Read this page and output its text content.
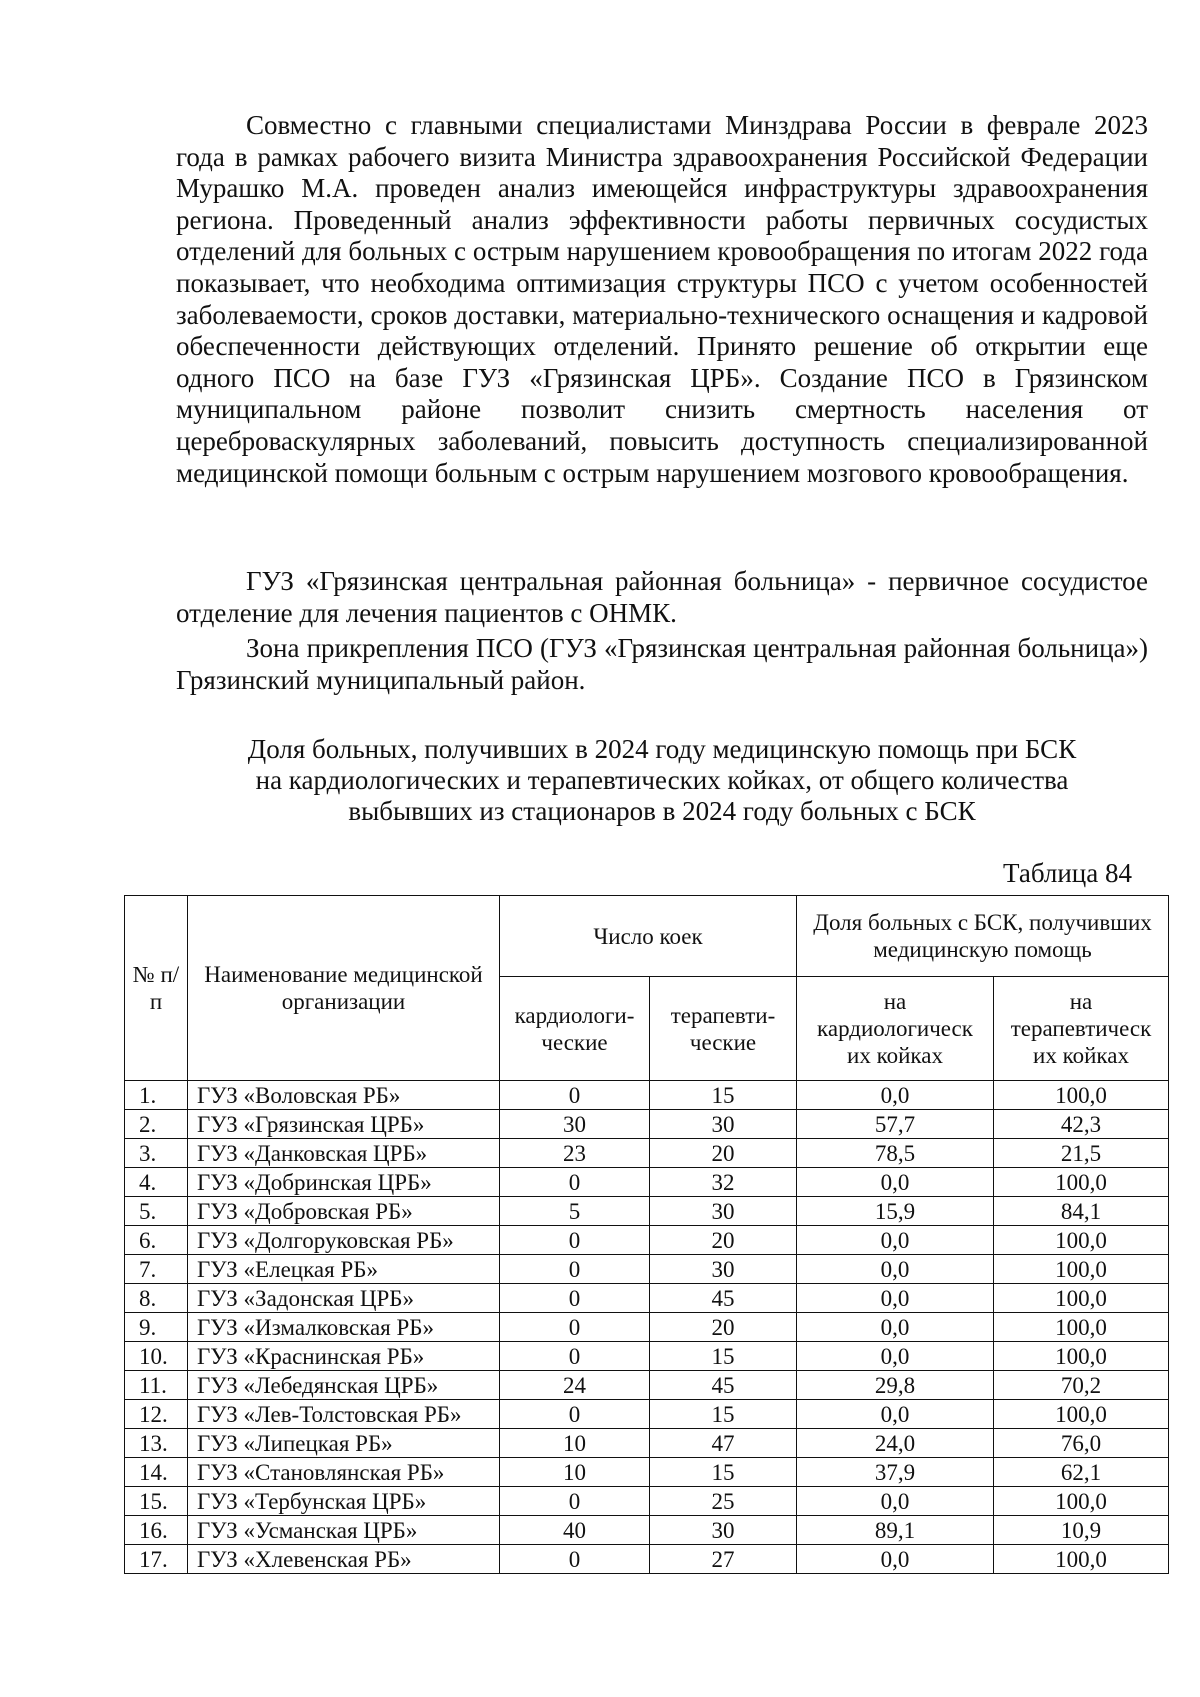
Совместно с главными специалистами Минздрава России в феврале 2023 года в рамках рабочего визита Министра здравоохранения Российской Федерации Мурашко М.А. проведен анализ имеющейся инфраструктуры здравоохранения региона. Проведенный анализ эффективности работы первичных сосудистых отделений для больных с острым нарушением кровообращения по итогам 2022 года показывает, что необходима оптимизация структуры ПСО с учетом особенностей заболеваемости, сроков доставки, материально-технического оснащения и кадровой обеспеченности действующих отделений. Принято решение об открытии еще одного ПСО на базе ГУЗ «Грязинская ЦРБ». Создание ПСО в Грязинском муниципальном районе позволит снизить смертность населения от цереброваскулярных заболеваний, повысить доступность специализированной медицинской помощи больным с острым нарушением мозгового кровообращения.

ГУЗ «Грязинская центральная районная больница» - первичное сосудистое отделение для лечения пациентов с ОНМК.

Зона прикрепления ПСО (ГУЗ «Грязинская центральная районная больница») Грязинский муниципальный район.

Доля больных, получивших в 2024 году медицинскую помощь при БСК
на кардиологических и терапевтических койках, от общего количества
выбывших из стационаров в 2024 году больных с БСК
Таблица 84
№ п/п	Наименование медицинской организации	Число коек		Доля больных с БСК, получивших медицинскую помощь	
		кардиологи-ческие	терапевти-ческие	на кардиологическ их койках	на терапевтическ их койках
1.	ГУЗ «Воловская РБ»	0	15	0,0	100,0
2.	ГУЗ «Грязинская ЦРБ»	30	30	57,7	42,3
3.	ГУЗ «Данковская ЦРБ»	23	20	78,5	21,5
4.	ГУЗ «Добринская ЦРБ»	0	32	0,0	100,0
5.	ГУЗ «Добровская РБ»	5	30	15,9	84,1
6.	ГУЗ «Долгоруковская РБ»	0	20	0,0	100,0
7.	ГУЗ «Елецкая РБ»	0	30	0,0	100,0
8.	ГУЗ «Задонская ЦРБ»	0	45	0,0	100,0
9.	ГУЗ «Измалковская РБ»	0	20	0,0	100,0
10.	ГУЗ «Краснинская РБ»	0	15	0,0	100,0
11.	ГУЗ «Лебедянская ЦРБ»	24	45	29,8	70,2
12.	ГУЗ «Лев-Толстовская РБ»	0	15	0,0	100,0
13.	ГУЗ «Липецкая РБ»	10	47	24,0	76,0
14.	ГУЗ «Становлянская РБ»	10	15	37,9	62,1
15.	ГУЗ «Тербунская ЦРБ»	0	25	0,0	100,0
16.	ГУЗ «Усманская ЦРБ»	40	30	89,1	10,9
17.	ГУЗ «Хлевенская РБ»	0	27	0,0	100,0
